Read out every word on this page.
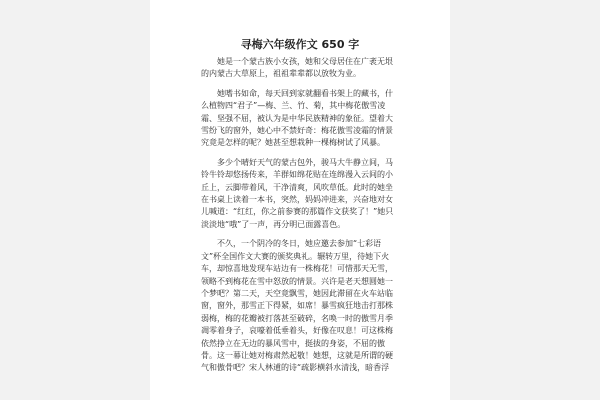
寻梅六年级作文 650 字

她是一个蒙古族小女孩，她和父母居住在广袤无垠的内蒙古大草原上，祖祖辈辈都以放牧为业。

她嗜书如命，每天回到家就翻看书架上的藏书，什么植物四“君子”—梅、兰、竹、菊，其中梅花傲雪凌霜、坚强不屈，被认为是中华民族精神的象征。望着大雪纷飞的窗外，她心中不禁好奇：梅花傲雪凌霜的情景究竟是怎样的呢？她甚至想栽种一棵梅树试了风暴。

多少个晴好天气的蒙古包外，骏马大牛静立间，马铃牛铃却悠扬传来，羊群如绵花贴在连绵漫入云间的小丘上，云脚带着风，干净清爽，风吹草低。此时的她坐在书桌上读着一本书，突然，妈妈冲进来，兴奋地对女儿喊道：“红红，你之前参赛的那篇作文获奖了！”她只淡淡地“哦”了一声，再分明已面露喜色。

不久，一个阴冷的冬日，她应邀去参加“七彩语文”杯全国作文大赛的颁奖典礼。辗转万里，待她下火车，却惊喜地发现车站边有一株梅花！可惜那天无雪，领略不到梅花在雪中怒放的情景。兴许是老天想圆她一个梦吧？第二天，天空竟飘雪，她因此滞留在火车站临窗，窗外，那雪正下得紧，如席！暴雪疯狂地击打那株弱梅，梅的花瓣被打落甚至破碎，名唤一时的傲雪月季凋零着身子，哀嚎着低垂着头，好像在叹息！可这株梅依然挣立在无边的暴风雪中，挺拔的身姿，不屈的傲骨。这一幕让她对梅肃然起敬！她想，这就是所谓的硬气和傲骨吧？宋人林逋的诗“疏影横斜水清浅，暗香浮
